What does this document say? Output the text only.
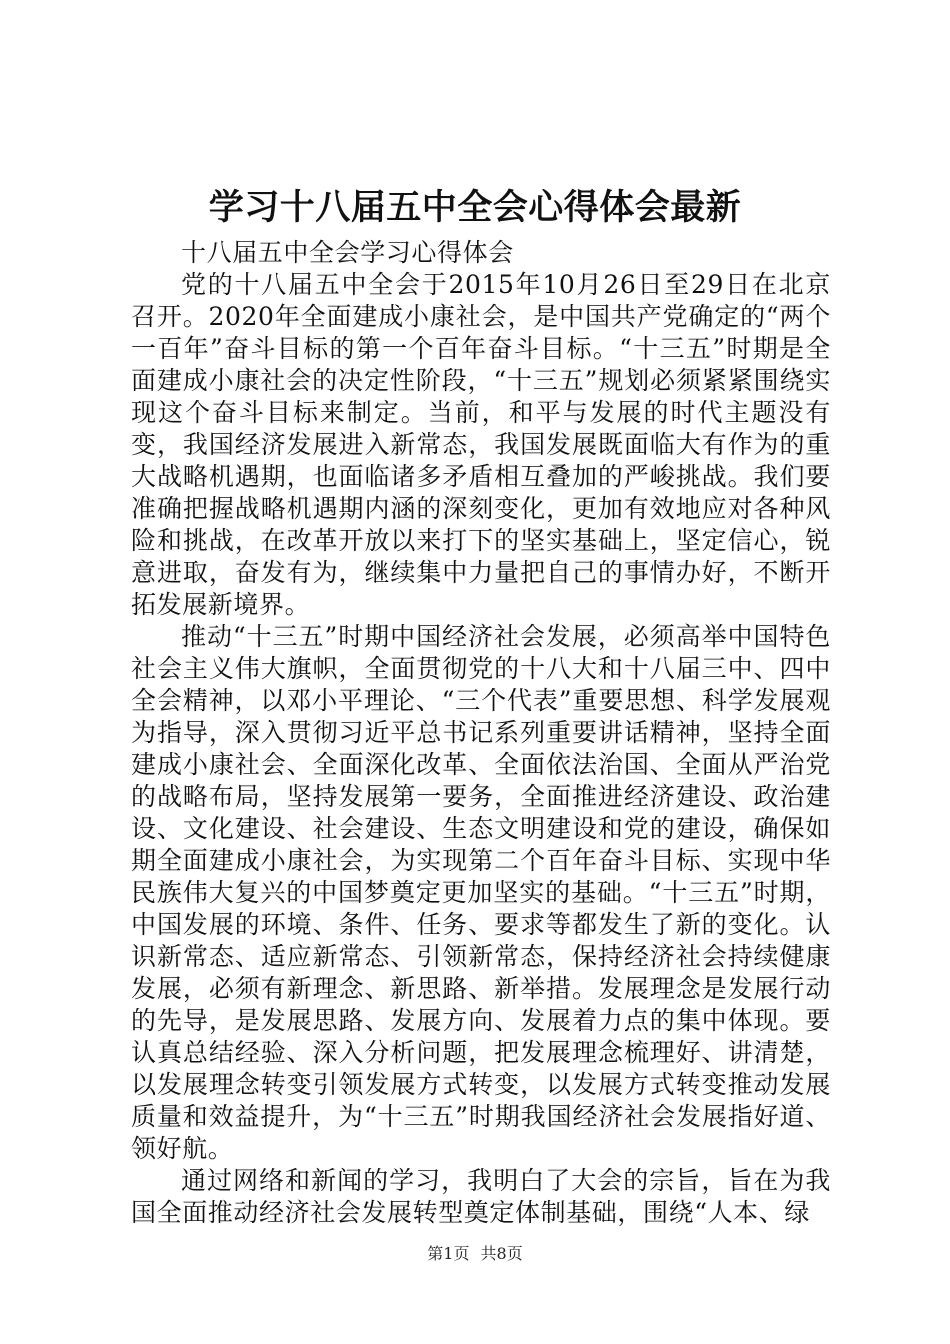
学习十八届五中全会心得体会最新

十八届五中全会学习心得体会

党的十八届五中全会于2015年10月26日至29日在北京召开。2020年全面建成小康社会，是中国共产党确定的“两个一百年”奋斗目标的第一个百年奋斗目标。“十三五”时期是全面建成小康社会的决定性阶段，“十三五”规划必须紧紧围绕实现这个奋斗目标来制定。当前，和平与发展的时代主题没有变，我国经济发展进入新常态，我国发展既面临大有作为的重大战略机遇期，也面临诸多矛盾相互叠加的严峻挑战。我们要准确把握战略机遇期内涵的深刻变化，更加有效地应对各种风险和挑战，在改革开放以来打下的坚实基础上，坚定信心，锐意进取，奋发有为，继续集中力量把自己的事情办好，不断开拓发展新境界。

推动“十三五”时期中国经济社会发展，必须高举中国特色社会主义伟大旗帜，全面贯彻党的十八大和十八届三中、四中全会精神，以邓小平理论、“三个代表”重要思想、科学发展观为指导，深入贯彻习近平总书记系列重要讲话精神，坚持全面建成小康社会、全面深化改革、全面依法治国、全面从严治党的战略布局，坚持发展第一要务，全面推进经济建设、政治建设、文化建设、社会建设、生态文明建设和党的建设，确保如期全面建成小康社会，为实现第二个百年奋斗目标、实现中华民族伟大复兴的中国梦奠定更加坚实的基础。“十三五”时期，中国发展的环境、条件、任务、要求等都发生了新的变化。认识新常态、适应新常态、引领新常态，保持经济社会持续健康发展，必须有新理念、新思路、新举措。发展理念是发展行动的先导，是发展思路、发展方向、发展着力点的集中体现。要认真总结经验、深入分析问题，把发展理念梳理好、讲清楚，以发展理念转变引领发展方式转变，以发展方式转变推动发展质量和效益提升，为“十三五”时期我国经济社会发展指好道、领好航。

通过网络和新闻的学习，我明白了大会的宗旨，旨在为我国全面推动经济社会发展转型奠定体制基础，围绕“人本、绿

第1页 共8页
